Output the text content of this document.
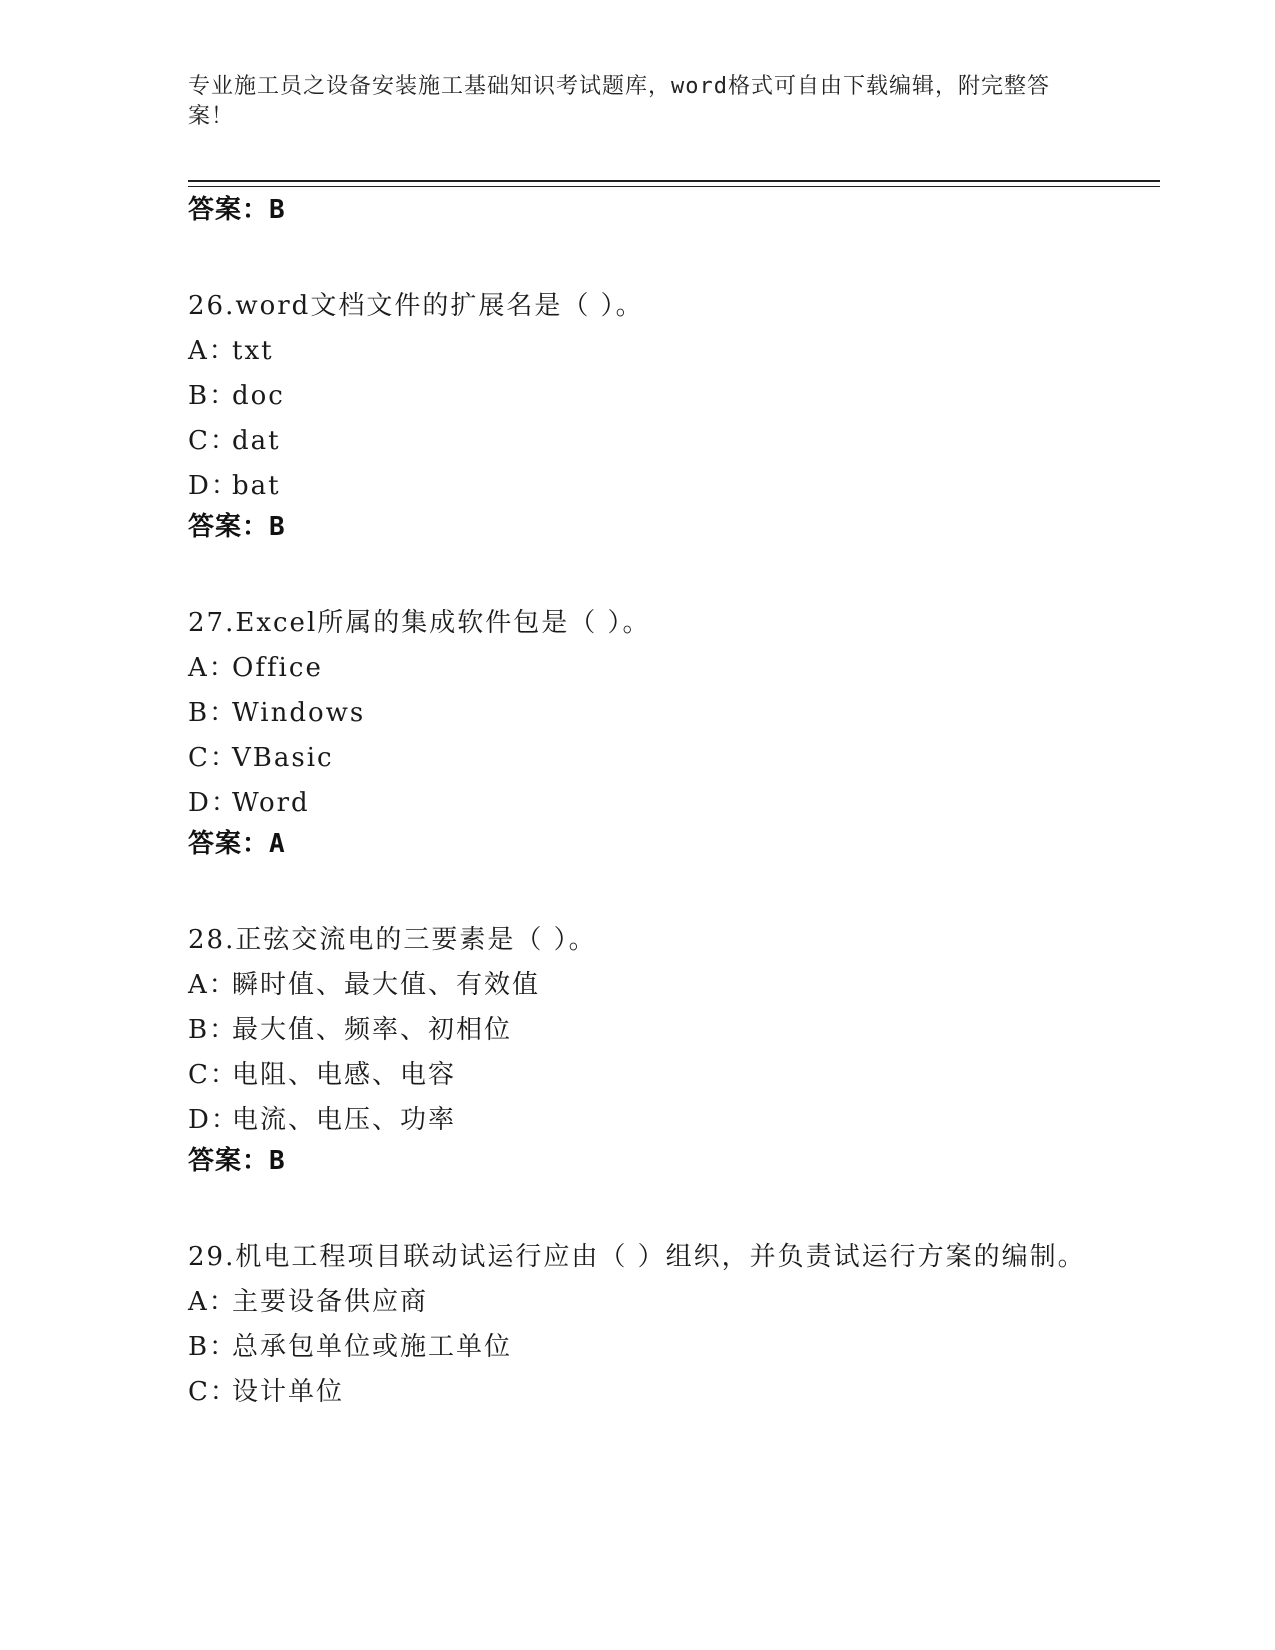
专业施工员之设备安装施工基础知识考试题库，word格式可自由下载编辑，附完整答案！
答案：B
26.word文档文件的扩展名是（ ）。
A：txt
B：doc
C：dat
D：bat
答案：B
27.Excel所属的集成软件包是（ ）。
A：Office
B：Windows
C：VBasic
D：Word
答案：A
28.正弦交流电的三要素是（ ）。
A：瞬时值、最大值、有效值
B：最大值、频率、初相位
C：电阻、电感、电容
D：电流、电压、功率
答案：B
29.机电工程项目联动试运行应由（ ）组织，并负责试运行方案的编制。
A：主要设备供应商
B：总承包单位或施工单位
C：设计单位
